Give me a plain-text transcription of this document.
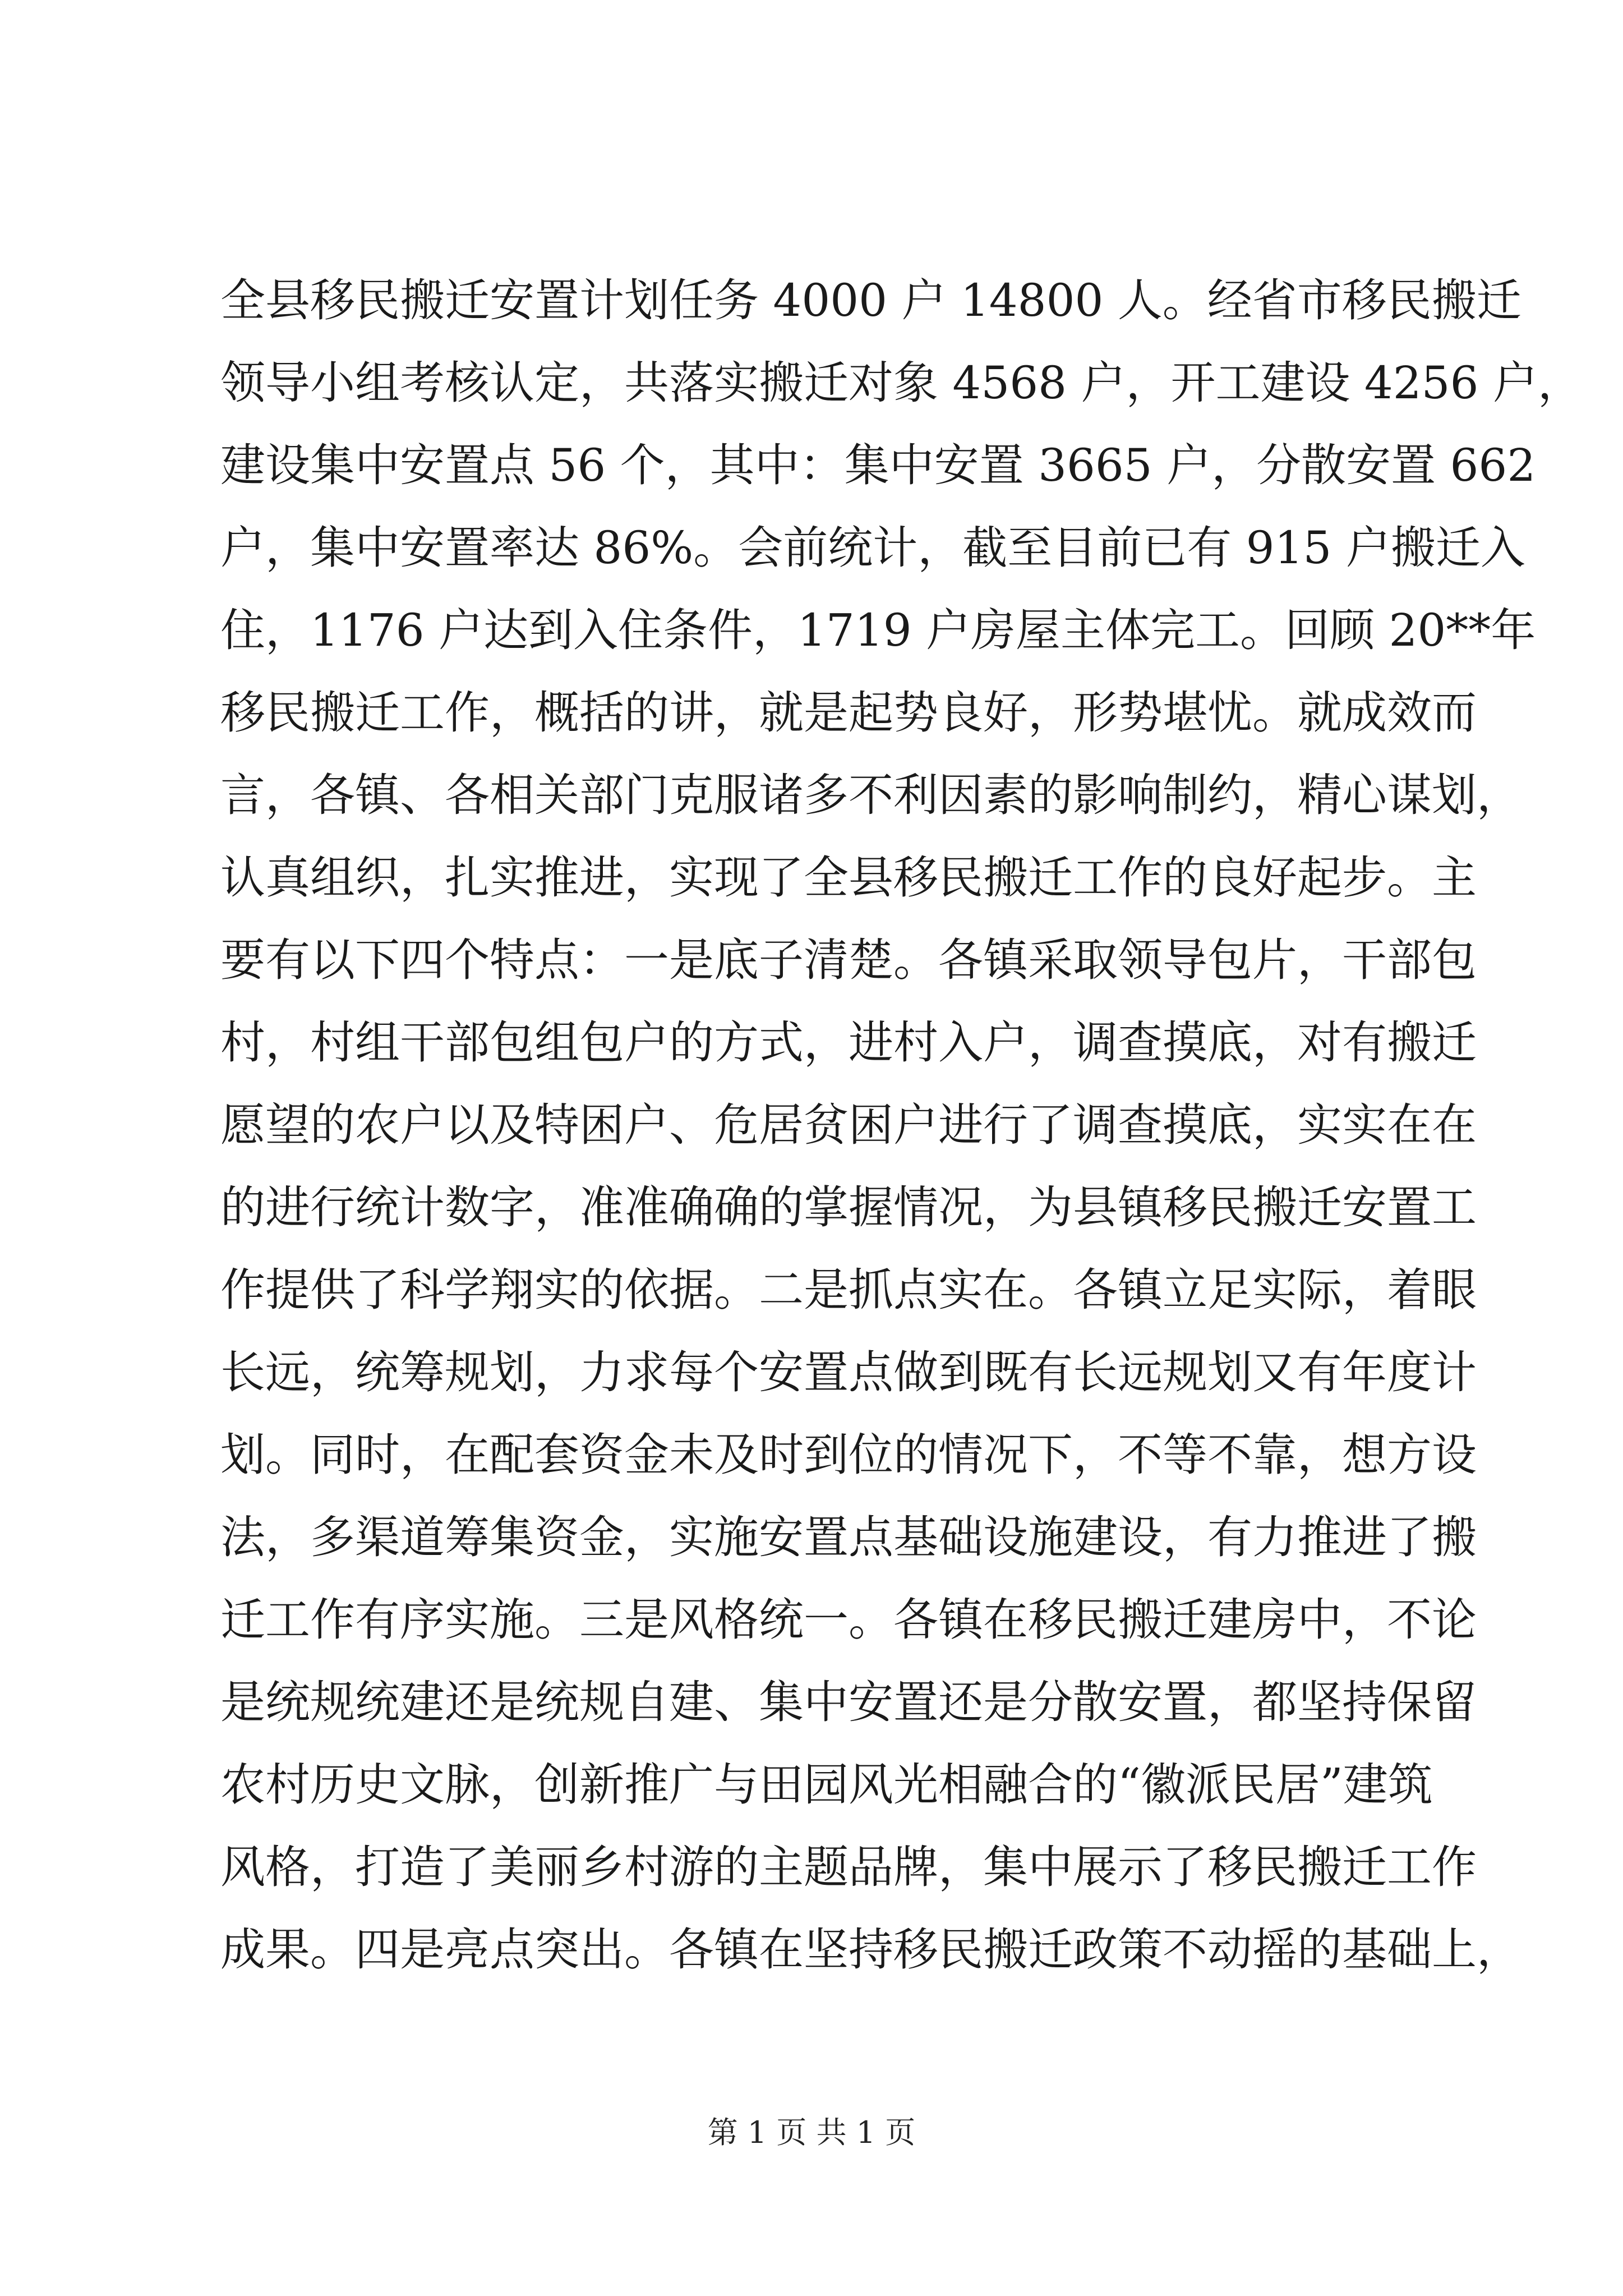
全县移民搬迁安置计划任务 4000 户 14800 人。经省市移民搬迁
领导小组考核认定，共落实搬迁对象 4568 户，开工建设 4256 户，
建设集中安置点 56 个，其中：集中安置 3665 户，分散安置 662
户，集中安置率达 86%。会前统计，截至目前已有 915 户搬迁入
住，1176 户达到入住条件，1719 户房屋主体完工。回顾 20**年
移民搬迁工作，概括的讲，就是起势良好，形势堪忧。就成效而
言，各镇、各相关部门克服诸多不利因素的影响制约，精心谋划，
认真组织，扎实推进，实现了全县移民搬迁工作的良好起步。主
要有以下四个特点：一是底子清楚。各镇采取领导包片，干部包
村，村组干部包组包户的方式，进村入户，调查摸底，对有搬迁
愿望的农户以及特困户、危居贫困户进行了调查摸底，实实在在
的进行统计数字，准准确确的掌握情况，为县镇移民搬迁安置工
作提供了科学翔实的依据。二是抓点实在。各镇立足实际，着眼
长远，统筹规划，力求每个安置点做到既有长远规划又有年度计
划。同时，在配套资金未及时到位的情况下，不等不靠，想方设
法，多渠道筹集资金，实施安置点基础设施建设，有力推进了搬
迁工作有序实施。三是风格统一。各镇在移民搬迁建房中，不论
是统规统建还是统规自建、集中安置还是分散安置，都坚持保留
农村历史文脉，创新推广与田园风光相融合的“徽派民居”建筑
风格，打造了美丽乡村游的主题品牌，集中展示了移民搬迁工作
成果。四是亮点突出。各镇在坚持移民搬迁政策不动摇的基础上，
第 1 页 共 1 页
